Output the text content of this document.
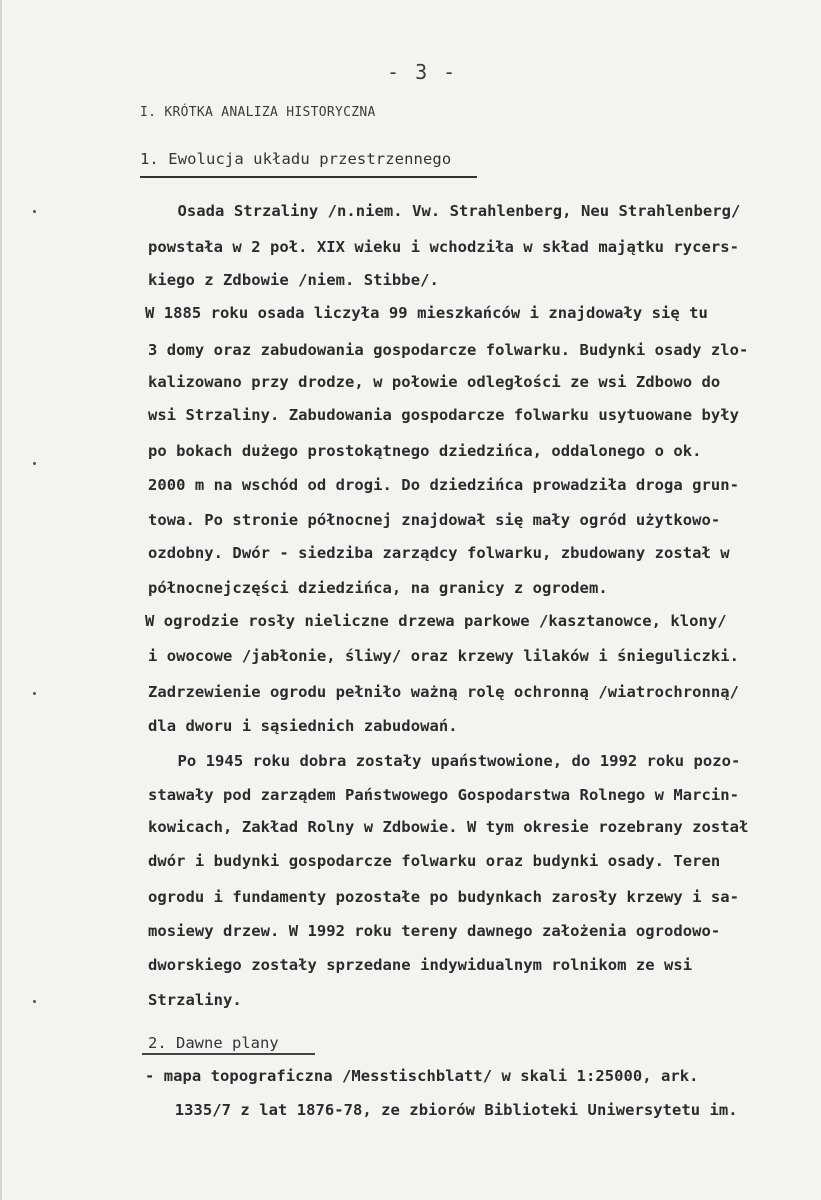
- 3 -
I. KRÓTKA ANALIZA HISTORYCZNA
1. Ewolucja układu przestrzennego
Osada Strzaliny /n.niem. Vw. Strahlenberg, Neu Strahlenberg/
powstała w 2 poł. XIX wieku i wchodziła w skład majątku rycers-
kiego z Zdbowie /niem. Stibbe/.
W 1885 roku osada liczyła 99 mieszkańców i znajdowały się tu
3 domy oraz zabudowania gospodarcze folwarku. Budynki osady zlo-
kalizowano przy drodze, w połowie odległości ze wsi Zdbowo do
wsi Strzaliny. Zabudowania gospodarcze folwarku usytuowane były
po bokach dużego prostokątnego dziedzińca, oddalonego o ok.
2000 m na wschód od drogi. Do dziedzińca prowadziła droga grun-
towa. Po stronie północnej znajdował się mały ogród użytkowo-
ozdobny. Dwór - siedziba zarządcy folwarku, zbudowany został w
północnejczęści dziedzińca, na granicy z ogrodem.
W ogrodzie rosły nieliczne drzewa parkowe /kasztanowce, klony/
i owocowe /jabłonie, śliwy/ oraz krzewy lilaków i śnieguliczki.
Zadrzewienie ogrodu pełniło ważną rolę ochronną /wiatrochronną/
dla dworu i sąsiednich zabudowań.
Po 1945 roku dobra zostały upaństwowione, do 1992 roku pozo-
stawały pod zarządem Państwowego Gospodarstwa Rolnego w Marcin-
kowicach, Zakład Rolny w Zdbowie. W tym okresie rozebrany został
dwór i budynki gospodarcze folwarku oraz budynki osady. Teren
ogrodu i fundamenty pozostałe po budynkach zarosły krzewy i sa-
mosiewy drzew. W 1992 roku tereny dawnego założenia ogrodowo-
dworskiego zostały sprzedane indywidualnym rolnikom ze wsi
Strzaliny.
2. Dawne plany
- mapa topograficzna /Messtischblatt/ w skali 1:25000, ark.
1335/7 z lat 1876-78, ze zbiorów Biblioteki Uniwersytetu im.
